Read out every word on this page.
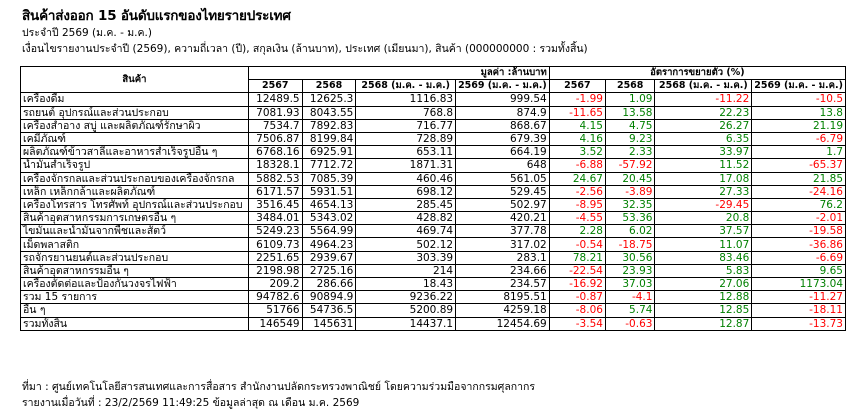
สินค้าส่งออก 15 อันดับแรกของไทยรายประเทศ
ประจำปี 2569 (ม.ค. - ม.ค.)
เงื่อนไขรายงานประจำปี (2569), ความถี่เวลา (ปี), สกุลเงิน (ล้านบาท), ประเทศ (เมียนมา), สินค้า (000000000 : รวมทั้งสิ้น)
สินค้า	มูลค่า :ล้านบาท				อัตราการขยายตัว (%)			
	2567	2568	2568 (ม.ค. - ม.ค.)	2569 (ม.ค. - ม.ค.)	2567	2568	2568 (ม.ค. - ม.ค.)	2569 (ม.ค. - ม.ค.)
เครื่องดื่ม	12489.5	12625.3	1116.83	999.54	-1.99	1.09	-11.22	-10.5
รถยนต์ อุปกรณ์และส่วนประกอบ	7081.93	8043.55	768.8	874.9	-11.65	13.58	22.23	13.8
เครื่องสำอาง สบู่ และผลิตภัณฑ์รักษาผิว	7534.7	7892.83	716.77	868.67	4.15	4.75	26.27	21.19
เคมีภัณฑ์	7506.87	8199.84	728.89	679.39	4.16	9.23	6.35	-6.79
ผลิตภัณฑ์ข้าวสาลีและอาหารสำเร็จรูปอื่น ๆ	6768.16	6925.91	653.11	664.19	3.52	2.33	33.97	1.7
น้ำมันสำเร็จรูป	18328.1	7712.72	1871.31	648	-6.88	-57.92	11.52	-65.37
เครื่องจักรกลและส่วนประกอบของเครื่องจักรกล	5882.53	7085.39	460.46	561.05	24.67	20.45	17.08	21.85
เหล็ก เหล็กกล้าและผลิตภัณฑ์	6171.57	5931.51	698.12	529.45	-2.56	-3.89	27.33	-24.16
เครื่องโทรสาร โทรศัพท์ อุปกรณ์และส่วนประกอบ	3516.45	4654.13	285.45	502.97	-8.95	32.35	-29.45	76.2
สินค้าอุตสาหกรรมการเกษตรอื่น ๆ	3484.01	5343.02	428.82	420.21	-4.55	53.36	20.8	-2.01
ไขมันและน้ำมันจากพืชและสัตว์	5249.23	5564.99	469.74	377.78	2.28	6.02	37.57	-19.58
เม็ดพลาสติก	6109.73	4964.23	502.12	317.02	-0.54	-18.75	11.07	-36.86
รถจักรยานยนต์และส่วนประกอบ	2251.65	2939.67	303.39	283.1	78.21	30.56	83.46	-6.69
สินค้าอุตสาหกรรมอื่น ๆ	2198.98	2725.16	214	234.66	-22.54	23.93	5.83	9.65
เครื่องตัดต่อและป้องกันวงจรไฟฟ้า	209.2	286.66	18.43	234.57	-16.92	37.03	27.06	1173.04
รวม 15 รายการ	94782.6	90894.9	9236.22	8195.51	-0.87	-4.1	12.88	-11.27
อื่น ๆ	51766	54736.5	5200.89	4259.18	-8.06	5.74	12.85	-18.11
รวมทั้งสิ้น	146549	145631	14437.1	12454.69	-3.54	-0.63	12.87	-13.73
ที่มา : ศูนย์เทคโนโลยีสารสนเทศและการสื่อสาร สำนักงานปลัดกระทรวงพาณิชย์ โดยความร่วมมือจากกรมศุลกากร
รายงานเมื่อวันที่ : 23/2/2569 11:49:25 ข้อมูลล่าสุด ณ เดือน ม.ค. 2569
